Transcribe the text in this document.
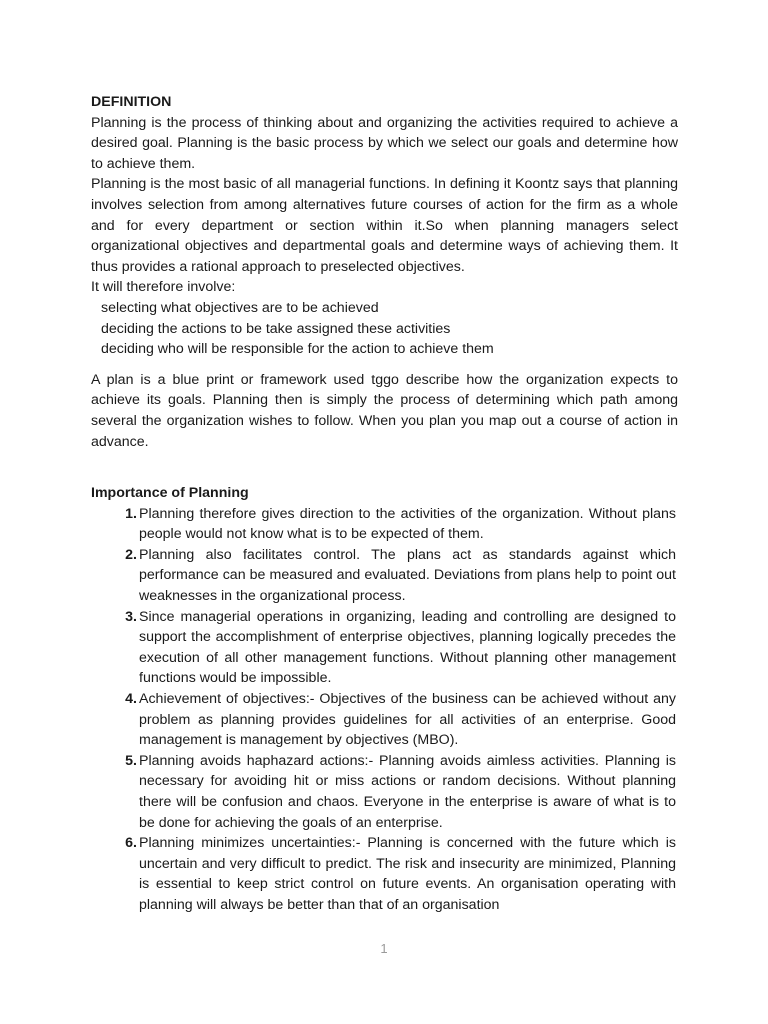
DEFINITION

Planning is the process of thinking about and organizing the activities required to achieve a desired goal. Planning is the basic process by which we select our goals and determine how to achieve them.

Planning is the most basic of all managerial functions. In defining it Koontz says that planning involves selection from among alternatives future courses of action for the firm as a whole and for every department or section within it.So when planning managers select organizational objectives and departmental goals and determine ways of achieving them. It thus provides a rational approach to preselected objectives.

It will therefore involve:

selecting what objectives are to be achieved
deciding the actions to be take assigned these activities
deciding who will be responsible for the action to achieve them

A plan is a blue print or framework used tggo describe how the organization expects to achieve its goals. Planning then is simply the process of determining which path among several the organization wishes to follow. When you plan you map out a course of action in advance.

Importance of Planning
1. Planning therefore gives direction to the activities of the organization. Without plans people would not know what is to be expected of them.
2. Planning also facilitates control. The plans act as standards against which performance can be measured and evaluated. Deviations from plans help to point out weaknesses in the organizational process.
3. Since managerial operations in organizing, leading and controlling are designed to support the accomplishment of enterprise objectives, planning logically precedes the execution of all other management functions. Without planning other management functions would be impossible.
4. Achievement of objectives:- Objectives of the business can be achieved without any problem as planning provides guidelines for all activities of an enterprise. Good management is management by objectives (MBO).
5. Planning avoids haphazard actions:- Planning avoids aimless activities. Planning is necessary for avoiding hit or miss actions or random decisions. Without planning there will be confusion and chaos. Everyone in the enterprise is aware of what is to be done for achieving the goals of an enterprise.
6. Planning minimizes uncertainties:- Planning is concerned with the future which is uncertain and very difficult to predict. The risk and insecurity are minimized, Planning is essential to keep strict control on future events. An organisation operating with planning will always be better than that of an organisation
1
